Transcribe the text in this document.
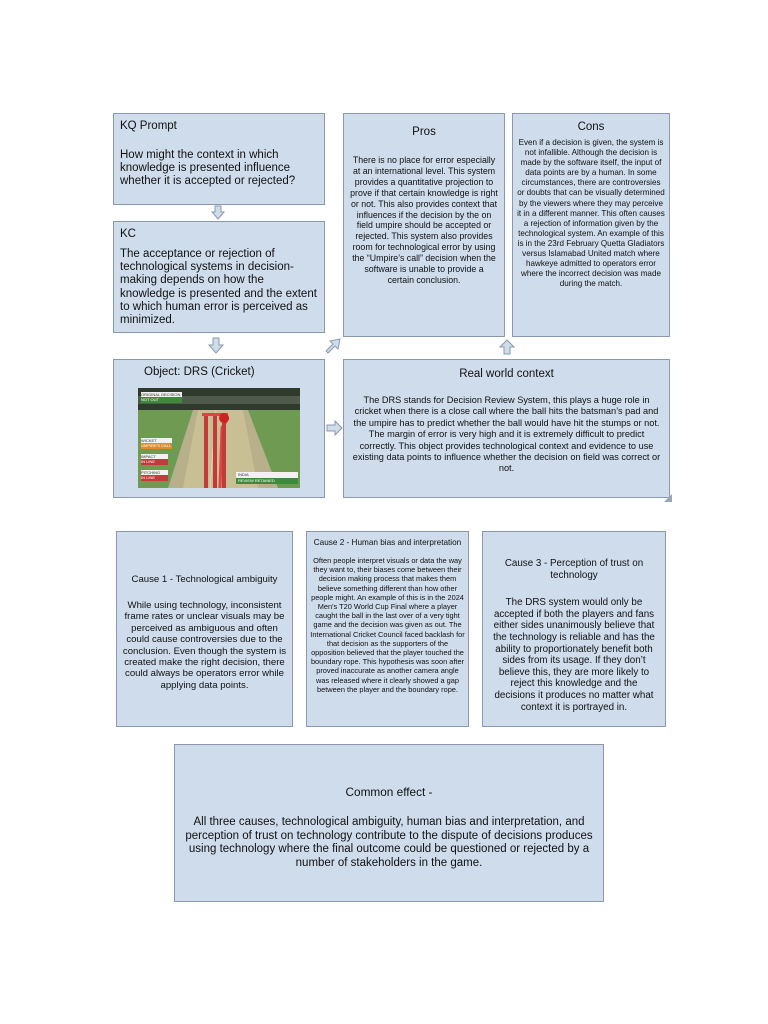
KQ Prompt
How might the context in which knowledge is presented influence whether it is accepted or rejected?
KC
The acceptance or rejection of technological systems in decision-making depends on how the knowledge is presented and the extent to which human error is perceived as minimized.
Pros
There is no place for error especially at an international level. This system provides a quantitative projection to prove if that certain knowledge is right or not. This also provides context that influences if the decision by the on field umpire should be accepted or rejected. This system also provides room for technological error by using the “Umpire’s call” decision when the software is unable to provide a certain conclusion.
Cons
Even if a decision is given, the system is not infallible. Although the decision is made by the software itself, the input of data points are by a human. In some circumstances, there are controversies or doubts that can be visually determined by the viewers where they may perceive it in a different manner. This often causes a rejection of information given by the technological system. An example of this is in the 23rd February Quetta Gladiators versus Islamabad United match where hawkeye admitted to operators error where the incorrect decision was made during the match.
Object: DRS (Cricket)
ORIGINAL DECISION
NOT OUT
WICKET
UMPIRE'S CALL
IMPACT
IN LINE
PITCHING
IN LINE
INDIA
REVIEW RETAINED
Real world context
The DRS stands for Decision Review System, this plays a huge role in cricket when there is a close call where the ball hits the batsman’s pad and the umpire has to predict whether the ball would have hit the stumps or not. The margin of error is very high and it is extremely difficult to predict correctly. This object provides technological context and evidence to use existing data points to influence whether the decision on field was correct or not.
Cause 1 - Technological ambiguity
While using technology, inconsistent frame rates or unclear visuals may be perceived as ambiguous and often could cause controversies due to the conclusion. Even though the system is created make the right decision, there could always be operators error while applying data points.
Cause 2 - Human bias and interpretation
Often people interpret visuals or data the way they want to, their biases come between their decision making process that makes them believe something different than how other people might. An example of this is in the 2024 Men's T20 World Cup Final where a player caught the ball in the last over of a very tight game and the decision was given as out. The International Cricket Council faced backlash for that decision as the supporters of the opposition believed that the player touched the boundary rope. This hypothesis was soon after proved inaccurate as another camera angle was released where it clearly showed a gap between the player and the boundary rope.
Cause 3 - Perception of trust on technology
The DRS system would only be accepted if both the players and fans either sides unanimously believe that the technology is reliable and has the ability to proportionately benefit both sides from its usage. If they don’t believe this, they are more likely to reject this knowledge and the decisions it produces no matter what context it is portrayed in.
Common effect -
All three causes, technological ambiguity, human bias and interpretation, and perception of trust on technology contribute to the dispute of decisions produces using technology where the final outcome could be questioned or rejected by a number of stakeholders in the game.
